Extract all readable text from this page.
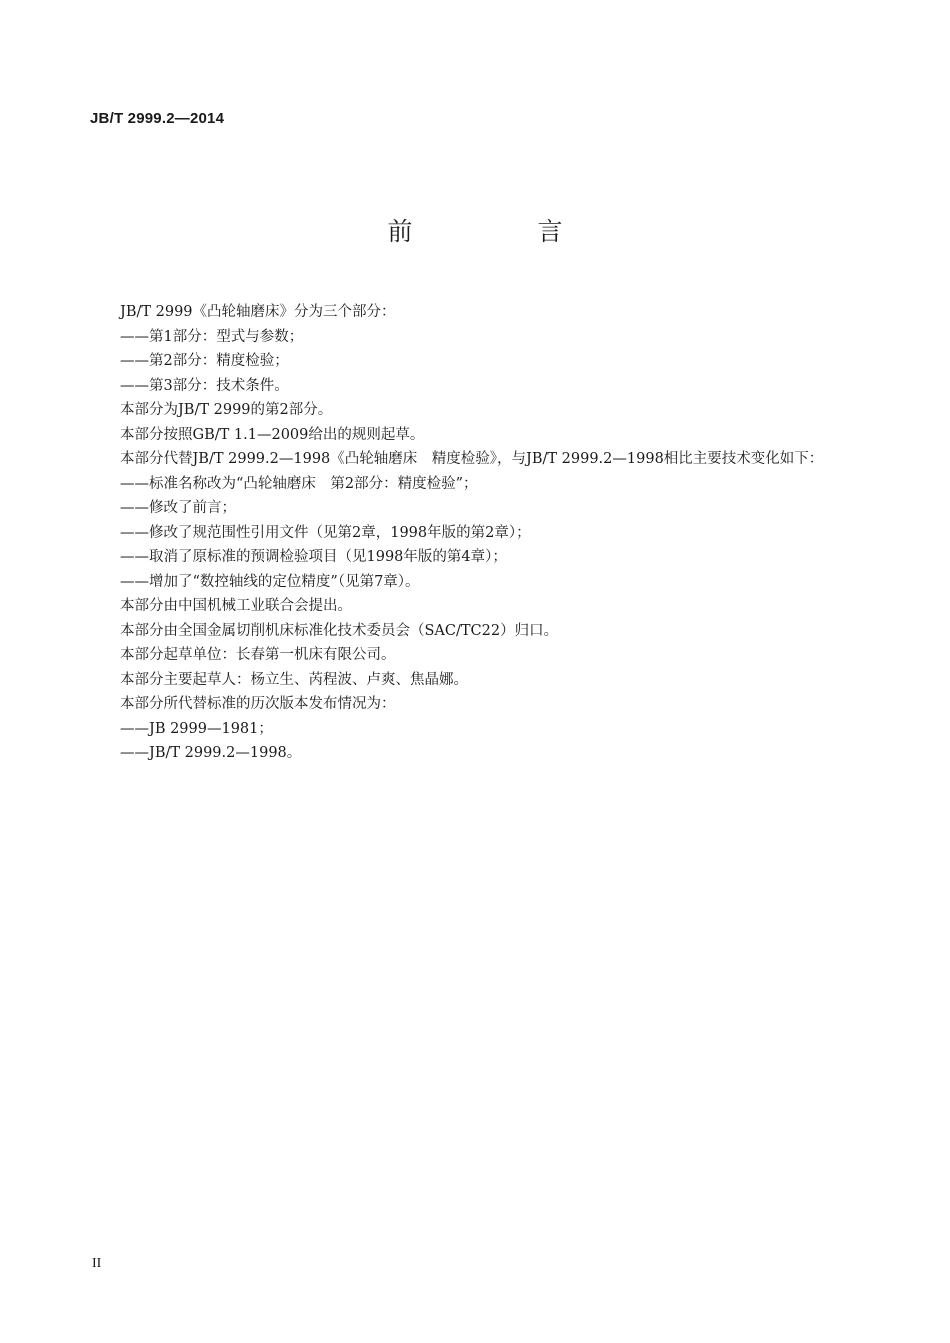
JB/T 2999.2—2014
前　言

JB/T 2999《凸轮轴磨床》分为三个部分：

——第1部分：型式与参数；

——第2部分：精度检验；

——第3部分：技术条件。

本部分为JB/T 2999的第2部分。

本部分按照GB/T 1.1—2009给出的规则起草。

本部分代替JB/T 2999.2—1998《凸轮轴磨床　精度检验》，与JB/T 2999.2—1998相比主要技术变化如下：

——标准名称改为“凸轮轴磨床　第2部分：精度检验”；

——修改了前言；

——修改了规范围性引用文件（见第2章，1998年版的第2章）；

——取消了原标准的预调检验项目（见1998年版的第4章）；

——增加了“数控轴线的定位精度”（见第7章）。

本部分由中国机械工业联合会提出。

本部分由全国金属切削机床标准化技术委员会（SAC/TC22）归口。

本部分起草单位：长春第一机床有限公司。

本部分主要起草人：杨立生、芮程波、卢爽、焦晶娜。

本部分所代替标准的历次版本发布情况为：

——JB 2999—1981；

——JB/T 2999.2—1998。

II
